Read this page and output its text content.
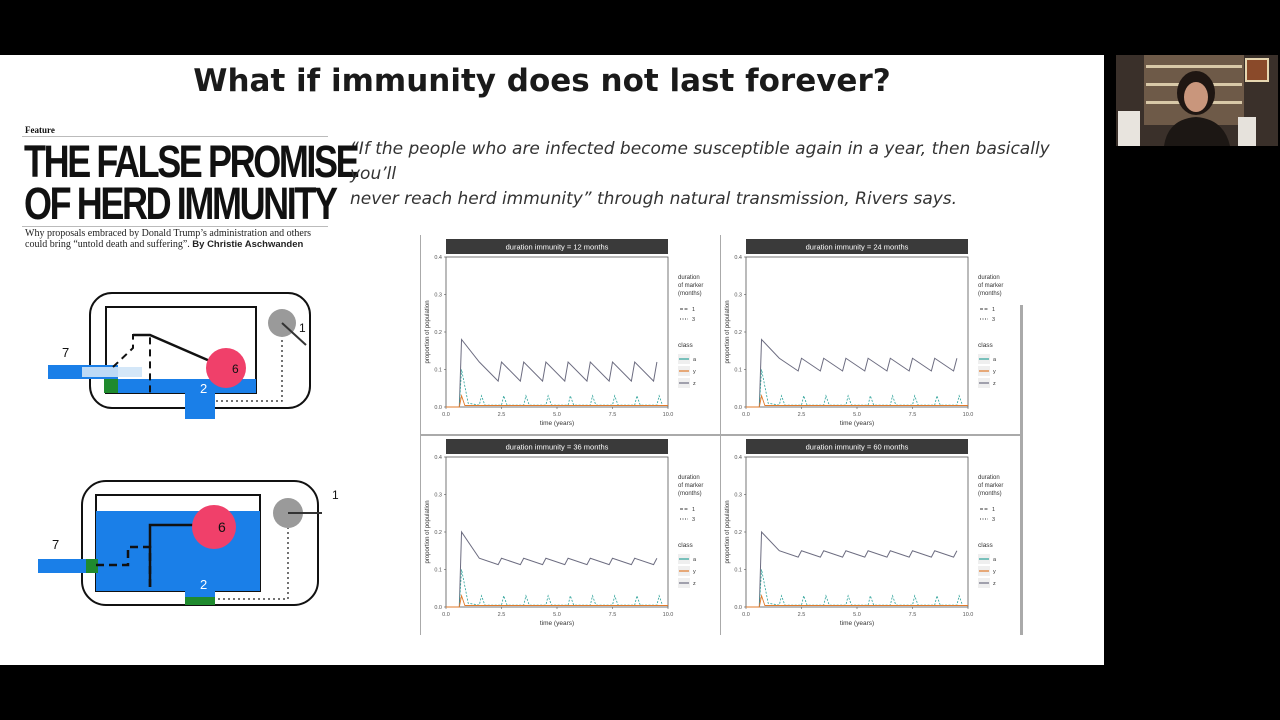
What if immunity does not last forever?
Feature
THE FALSE PROMISE
OF HERD IMMUNITY
Why proposals embraced by Donald Trump’s administration and others
could bring “untold death and suffering”. By Christie Aschwanden
“If the people who are infected become susceptible again in a year, then basically you’ll
never reach herd immunity” through natural transmission, Rivers says.
7
6
2
1
7
6
2
1
duration immunity = 12 months
0.0
0.1
0.2
0.3
0.4
0.0	2.5	5.0	7.5	10.0
time (years)
proportion of population
duration
of marker
(months)
1
3
class
a
y
z
duration immunity = 24 months
0.0
0.1
0.2
0.3
0.4
0.0	2.5	5.0	7.5	10.0
time (years)
proportion of population
duration
of marker
(months)
1
3
class
a
y
z
duration immunity = 36 months
0.0
0.1
0.2
0.3
0.4
0.0	2.5	5.0	7.5	10.0
time (years)
proportion of population
duration
of marker
(months)
1
3
class
a
y
z
duration immunity = 60 months
0.0
0.1
0.2
0.3
0.4
0.0	2.5	5.0	7.5	10.0
time (years)
proportion of population
duration
of marker
(months)
1
3
class
a
y
z
